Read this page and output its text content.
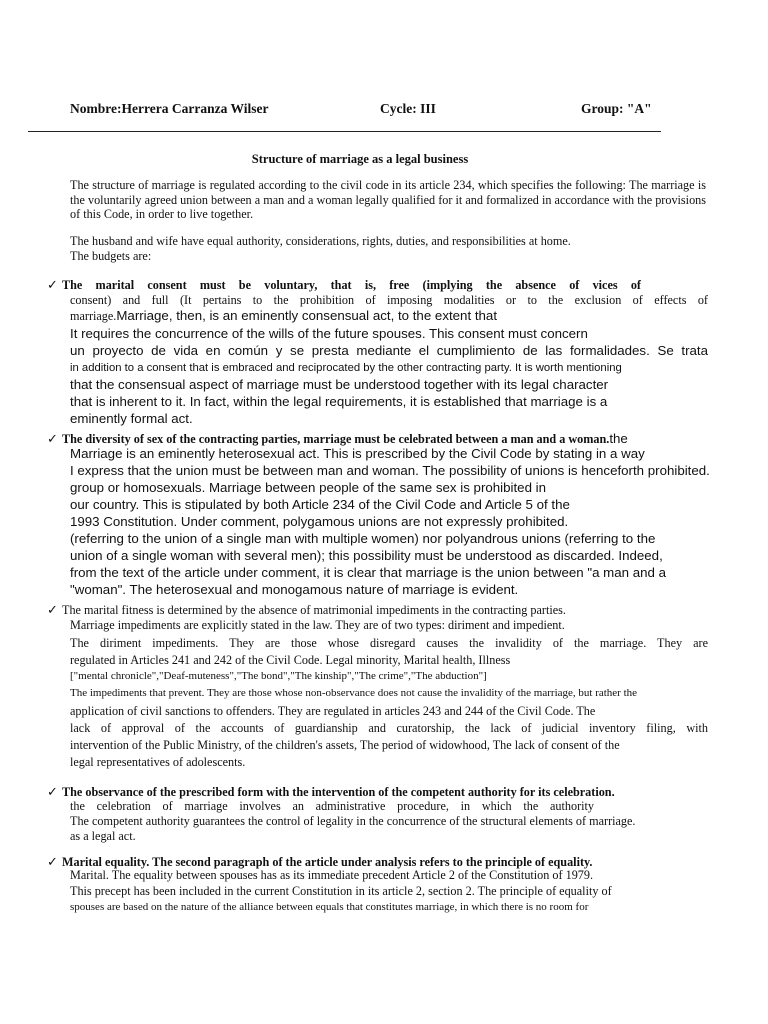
Nombre:Herrera Carranza Wilser	Cycle: III	Group: "A"
Structure of marriage as a legal business
The structure of marriage is regulated according to the civil code in its article 234, which specifies the following: The marriage is the voluntarily agreed union between a man and a woman legally qualified for it and formalized in accordance with the provisions of this Code, in order to live together.
The husband and wife have equal authority, considerations, rights, duties, and responsibilities at home.
The budgets are:
✓ The marital consent must be voluntary, that is, free (implying the absence of vices of
consent) and full (It pertains to the prohibition of imposing modalities or to the exclusion of effects of
marriage.Marriage, then, is an eminently consensual act, to the extent that
It requires the concurrence of the wills of the future spouses. This consent must concern
un proyecto de vida en común y se presta mediante el cumplimiento de las formalidades. Se trata
in addition to a consent that is embraced and reciprocated by the other contracting party. It is worth mentioning
that the consensual aspect of marriage must be understood together with its legal character
that is inherent to it. In fact, within the legal requirements, it is established that marriage is a
eminently formal act.
✓ The diversity of sex of the contracting parties, marriage must be celebrated between a man and a woman.the
Marriage is an eminently heterosexual act. This is prescribed by the Civil Code by stating in a way
I express that the union must be between man and woman. The possibility of unions is henceforth prohibited.
group or homosexuals. Marriage between people of the same sex is prohibited in
our country. This is stipulated by both Article 234 of the Civil Code and Article 5 of the
1993 Constitution. Under comment, polygamous unions are not expressly prohibited.
(referring to the union of a single man with multiple women) nor polyandrous unions (referring to the
union of a single woman with several men); this possibility must be understood as discarded. Indeed,
from the text of the article under comment, it is clear that marriage is the union between "a man and a
"woman". The heterosexual and monogamous nature of marriage is evident.
✓ The marital fitness is determined by the absence of matrimonial impediments in the contracting parties.
Marriage impediments are explicitly stated in the law. They are of two types: diriment and impedient.
The diriment impediments. They are those whose disregard causes the invalidity of the marriage. They are
regulated in Articles 241 and 242 of the Civil Code. Legal minority, Marital health, Illness
["mental chronicle","Deaf-muteness","The bond","The kinship","The crime","The abduction"]
The impediments that prevent. They are those whose non-observance does not cause the invalidity of the marriage, but rather the
application of civil sanctions to offenders. They are regulated in articles 243 and 244 of the Civil Code. The
lack of approval of the accounts of guardianship and curatorship, the lack of judicial inventory filing, with
intervention of the Public Ministry, of the children's assets, The period of widowhood, The lack of consent of the
legal representatives of adolescents.
✓ The observance of the prescribed form with the intervention of the competent authority for its celebration.
the celebration of marriage involves an administrative procedure, in which the authority
The competent authority guarantees the control of legality in the concurrence of the structural elements of marriage.
as a legal act.
✓ Marital equality. The second paragraph of the article under analysis refers to the principle of equality.
Marital. The equality between spouses has as its immediate precedent Article 2 of the Constitution of 1979.
This precept has been included in the current Constitution in its article 2, section 2. The principle of equality of
spouses are based on the nature of the alliance between equals that constitutes marriage, in which there is no room for
